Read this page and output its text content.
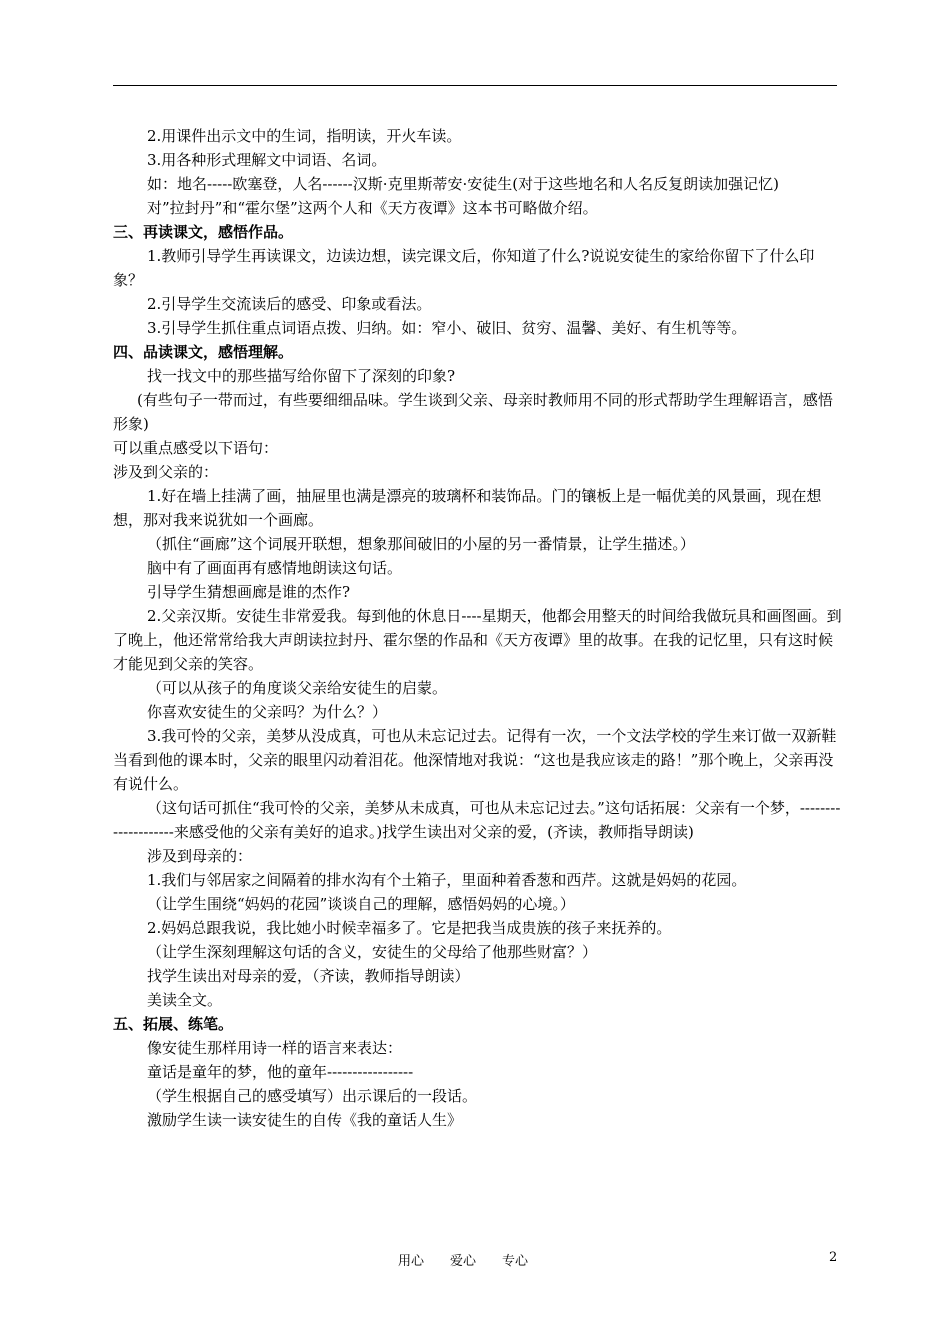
2.用课件出示文中的生词，指明读，开火车读。

3.用各种形式理解文中词语、名词。

如：地名-----欧塞登，人名------汉斯·克里斯蒂安·安徒生(对于这些地名和人名反复朗读加强记忆)

对”拉封丹”和“霍尔堡”这两个人和《天方夜谭》这本书可略做介绍。

三、再读课文，感悟作品。

1.教师引导学生再读课文，边读边想，读完课文后，你知道了什么?说说安徒生的家给你留下了什么印象？

2.引导学生交流读后的感受、印象或看法。

3.引导学生抓住重点词语点拨、归纳。如：窄小、破旧、贫穷、温馨、美好、有生机等等。

四、品读课文，感悟理解。

找一找文中的那些描写给你留下了深刻的印象?

(有些句子一带而过，有些要细细品味。学生谈到父亲、母亲时教师用不同的形式帮助学生理解语言，感悟形象)

可以重点感受以下语句：

涉及到父亲的：

1.好在墙上挂满了画，抽屉里也满是漂亮的玻璃杯和装饰品。门的镶板上是一幅优美的风景画，现在想想，那对我来说犹如一个画廊。

（抓住“画廊”这个词展开联想，想象那间破旧的小屋的另一番情景，让学生描述。）

脑中有了画面再有感情地朗读这句话。

引导学生猜想画廊是谁的杰作?

2.父亲汉斯。安徒生非常爱我。每到他的休息日----星期天，他都会用整天的时间给我做玩具和画图画。到了晚上，他还常常给我大声朗读拉封丹、霍尔堡的作品和《天方夜谭》里的故事。在我的记忆里，只有这时候才能见到父亲的笑容。

（可以从孩子的角度谈父亲给安徒生的启蒙。

你喜欢安徒生的父亲吗？为什么？）

3.我可怜的父亲，美梦从没成真，可也从未忘记过去。记得有一次，一个文法学校的学生来订做一双新鞋当看到他的课本时，父亲的眼里闪动着泪花。他深情地对我说：“这也是我应该走的路！”那个晚上，父亲再没有说什么。

（这句话可抓住“我可怜的父亲，美梦从未成真，可也从未忘记过去。”这句话拓展：父亲有一个梦，--------------------来感受他的父亲有美好的追求。)找学生读出对父亲的爱，(齐读，教师指导朗读)

涉及到母亲的：

1.我们与邻居家之间隔着的排水沟有个土箱子，里面种着香葱和西芹。这就是妈妈的花园。

（让学生围绕“妈妈的花园”谈谈自己的理解，感悟妈妈的心境。）

2.妈妈总跟我说，我比她小时候幸福多了。它是把我当成贵族的孩子来抚养的。

（让学生深刻理解这句话的含义，安徒生的父母给了他那些财富？）

找学生读出对母亲的爱，（齐读，教师指导朗读）

美读全文。

五、拓展、练笔。

像安徒生那样用诗一样的语言来表达：

童话是童年的梦，他的童年-----------------

（学生根据自己的感受填写）出示课后的一段话。

激励学生读一读安徒生的自传《我的童话人生》

用心 爱心 专心	2
